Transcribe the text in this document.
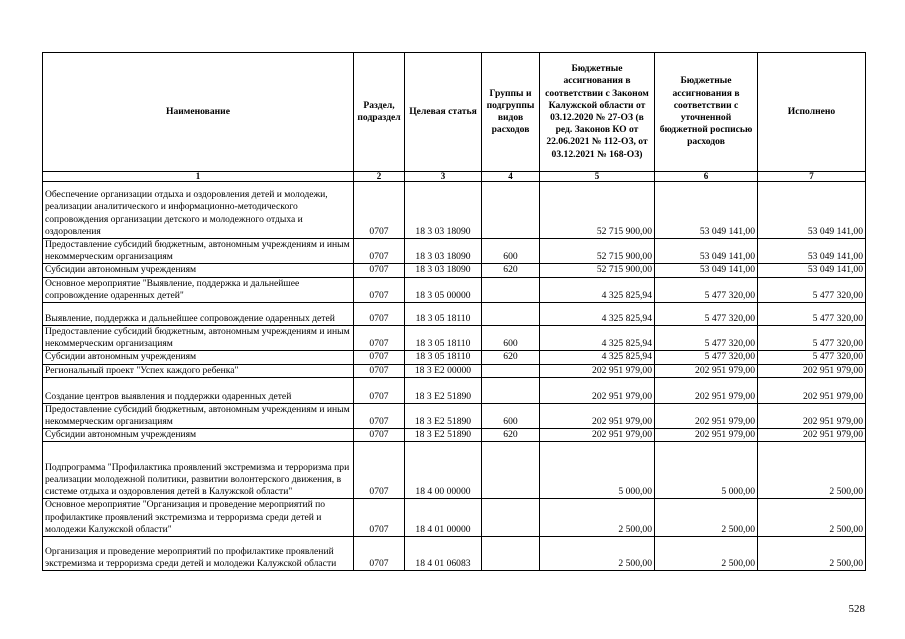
Наименование	Раздел, подраздел	Целевая статья	Группы и подгруппы видов расходов	Бюджетные ассигнования в соответствии с Законом Калужской области от 03.12.2020 № 27-ОЗ (в ред. Законов КО от 22.06.2021 № 112-ОЗ, от 03.12.2021 № 168-ОЗ)	Бюджетные ассигнования в соответствии с уточненной бюджетной росписью расходов	Исполнено
1	2	3	4	5	6	7
Обеспечение организации отдыха и оздоровления детей и молодежи, реализации аналитического и информационно-методического сопровождения организации детского и молодежного отдыха и оздоровления	0707	18 3 03 18090		52 715 900,00	53 049 141,00	53 049 141,00
Предоставление субсидий бюджетным, автономным учреждениям и иным некоммерческим организациям	0707	18 3 03 18090	600	52 715 900,00	53 049 141,00	53 049 141,00
Субсидии автономным учреждениям	0707	18 3 03 18090	620	52 715 900,00	53 049 141,00	53 049 141,00
Основное мероприятие "Выявление, поддержка и дальнейшее сопровождение одаренных детей"	0707	18 3 05 00000		4 325 825,94	5 477 320,00	5 477 320,00
Выявление, поддержка и дальнейшее сопровождение одаренных детей	0707	18 3 05 18110		4 325 825,94	5 477 320,00	5 477 320,00
Предоставление субсидий бюджетным, автономным учреждениям и иным некоммерческим организациям	0707	18 3 05 18110	600	4 325 825,94	5 477 320,00	5 477 320,00
Субсидии автономным учреждениям	0707	18 3 05 18110	620	4 325 825,94	5 477 320,00	5 477 320,00
Региональный проект "Успех каждого ребенка"	0707	18 3 E2 00000		202 951 979,00	202 951 979,00	202 951 979,00
Создание центров выявления и поддержки одаренных детей	0707	18 3 E2 51890		202 951 979,00	202 951 979,00	202 951 979,00
Предоставление субсидий бюджетным, автономным учреждениям и иным некоммерческим организациям	0707	18 3 E2 51890	600	202 951 979,00	202 951 979,00	202 951 979,00
Субсидии автономным учреждениям	0707	18 3 E2 51890	620	202 951 979,00	202 951 979,00	202 951 979,00
Подпрограмма "Профилактика проявлений экстремизма и терроризма при реализации молодежной политики, развитии волонтерского движения, в системе отдыха и оздоровления детей в Калужской области"	0707	18 4 00 00000		5 000,00	5 000,00	2 500,00
Основное мероприятие "Организация и проведение мероприятий по профилактике проявлений экстремизма и терроризма среди детей и молодежи Калужской области"	0707	18 4 01 00000		2 500,00	2 500,00	2 500,00
Организация и проведение мероприятий по профилактике проявлений экстремизма и терроризма среди детей и молодежи Калужской области	0707	18 4 01 06083		2 500,00	2 500,00	2 500,00
528
